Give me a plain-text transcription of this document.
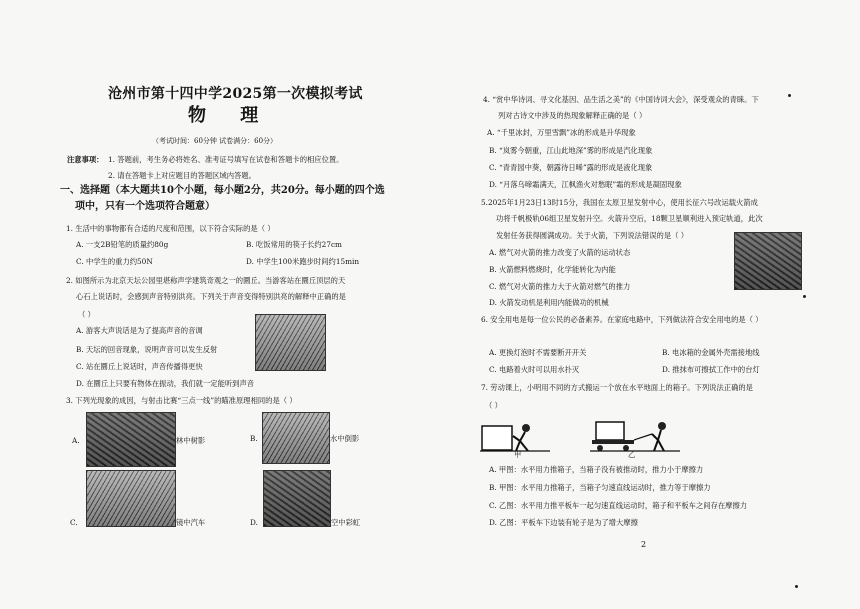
沧州市第十四中学2025第一次模拟考试
物 理
（考试时间：60分钟 试卷满分：60分）
注意事项： 1. 答题前，考生务必将姓名、准考证号填写在试卷和答题卡的相应位置。
2. 请在答题卡上对应题目的答题区域内答题。
一、选择题（本大题共10个小题，每小题2分，共20分。每小题的四个选
项中，只有一个选项符合题意）
1. 生活中的事物都有合适的尺度和范围，以下符合实际的是（ ）
A. 一支2B铅笔的质量约80g	B. 吃饭常用的筷子长约27cm
C. 中学生的重力约50N	D. 中学生100米跑步时间约15min
2. 如图所示为北京天坛公园里堪称声学建筑奇观之一的圜丘。当游客站在圜丘顶层的天
心石上说话时，会感到声音特别洪亮。下列关于声音变得特别洪亮的解释中正确的是
（ ）
A. 游客大声说话是为了提高声音的音调
B. 天坛的回音现象，说明声音可以发生反射
C. 站在圜丘上说话时，声音传播得更快
D. 在圜丘上只要有物体在振动，我们就一定能听到声音
3. 下列光现象的成因，与射击比赛“三点一线”的瞄准原理相同的是（ ）
A.	林中树影	B.	水中倒影
C.	镜中汽车	D.	空中彩虹
4. “赏中华诗词、寻文化基因、品生活之美”的《中国诗词大会》，深受观众的青睐。下
列对古诗文中涉及的热现象解释正确的是（ ）
A. “千里冰封，万里雪飘”冰的形成是升华现象
B. “岚雾今朝重，江山此地深”雾的形成是汽化现象
C. “青青园中葵，朝露待日晞”露的形成是液化现象
D. “月落乌啼霜满天，江枫渔火对愁眠”霜的形成是凝固现象
5.2025年1月23日13时15分，我国在太原卫星发射中心，使用长征六号改运载火箭成
功将千帆极轨06组卫星发射升空。火箭升空后，18颗卫星顺利进入预定轨道，此次
发射任务获得圆满成功。关于火箭，下列说法错误的是（ ）
A. 燃气对火箭的推力改变了火箭的运动状态
B. 火箭燃料燃烧时，化学能转化为内能
C. 燃气对火箭的推力大于火箭对燃气的推力
D. 火箭发动机是利用内能做功的机械
6. 安全用电是每一位公民的必备素养。在家庭电路中，下列做法符合安全用电的是（ ）
A. 更换灯泡时不需要断开开关	B. 电冰箱的金属外壳需接地线
C. 电路着火时可以用水扑灭	D. 推抹布可擦拭工作中的台灯
7. 劳动课上，小明用不同的方式搬运一个放在水平地面上的箱子。下列说法正确的是
（ ）
甲	乙
A. 甲图：水平用力推箱子，当箱子没有被推动时，推力小于摩擦力
B. 甲图：水平用力推箱子，当箱子匀速直线运动时，推力等于摩擦力
C. 乙图：水平用力推平板车一起匀速直线运动时，箱子和平板车之间存在摩擦力
D. 乙图：平板车下边装有轮子是为了增大摩擦
2
